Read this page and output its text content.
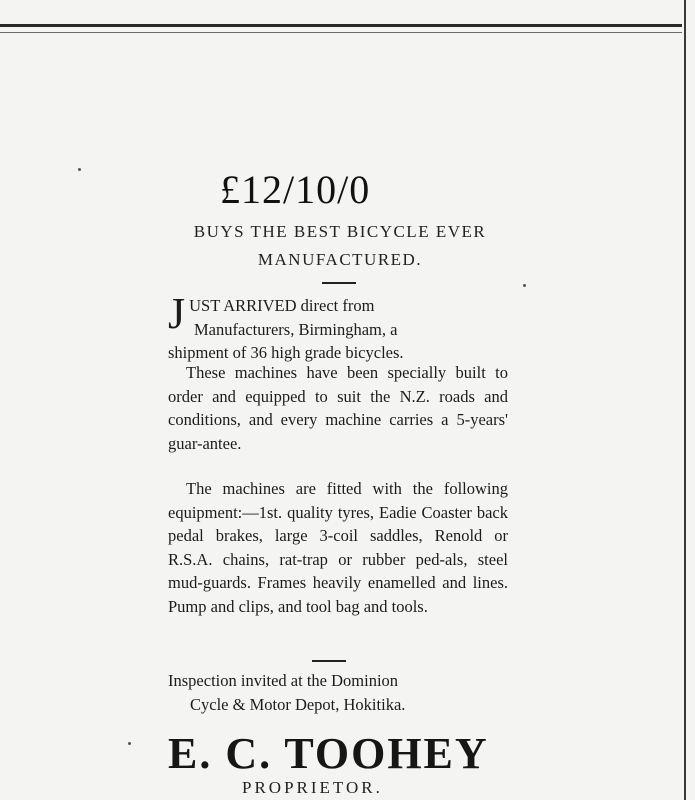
£12/10/0
BUYS THE BEST BICYCLE EVER
MANUFACTURED.
J UST ARRIVED direct from
Manufacturers, Birmingham, a
shipment of 36 high grade bicycles.
These machines have been specially built to order and equipped to suit the N.Z. roads and conditions, and every machine carries a 5-years' guar-antee.
The machines are fitted with the following equipment:—1st. quality tyres, Eadie Coaster back pedal brakes, large 3-coil saddles, Renold or R.S.A. chains, rat-trap or rubber ped-als, steel mud-guards. Frames heavily enamelled and lines. Pump and clips, and tool bag and tools.
Inspection invited at the Dominion
Cycle & Motor Depot, Hokitika.
E. C. TOOHEY
PROPRIETOR.
